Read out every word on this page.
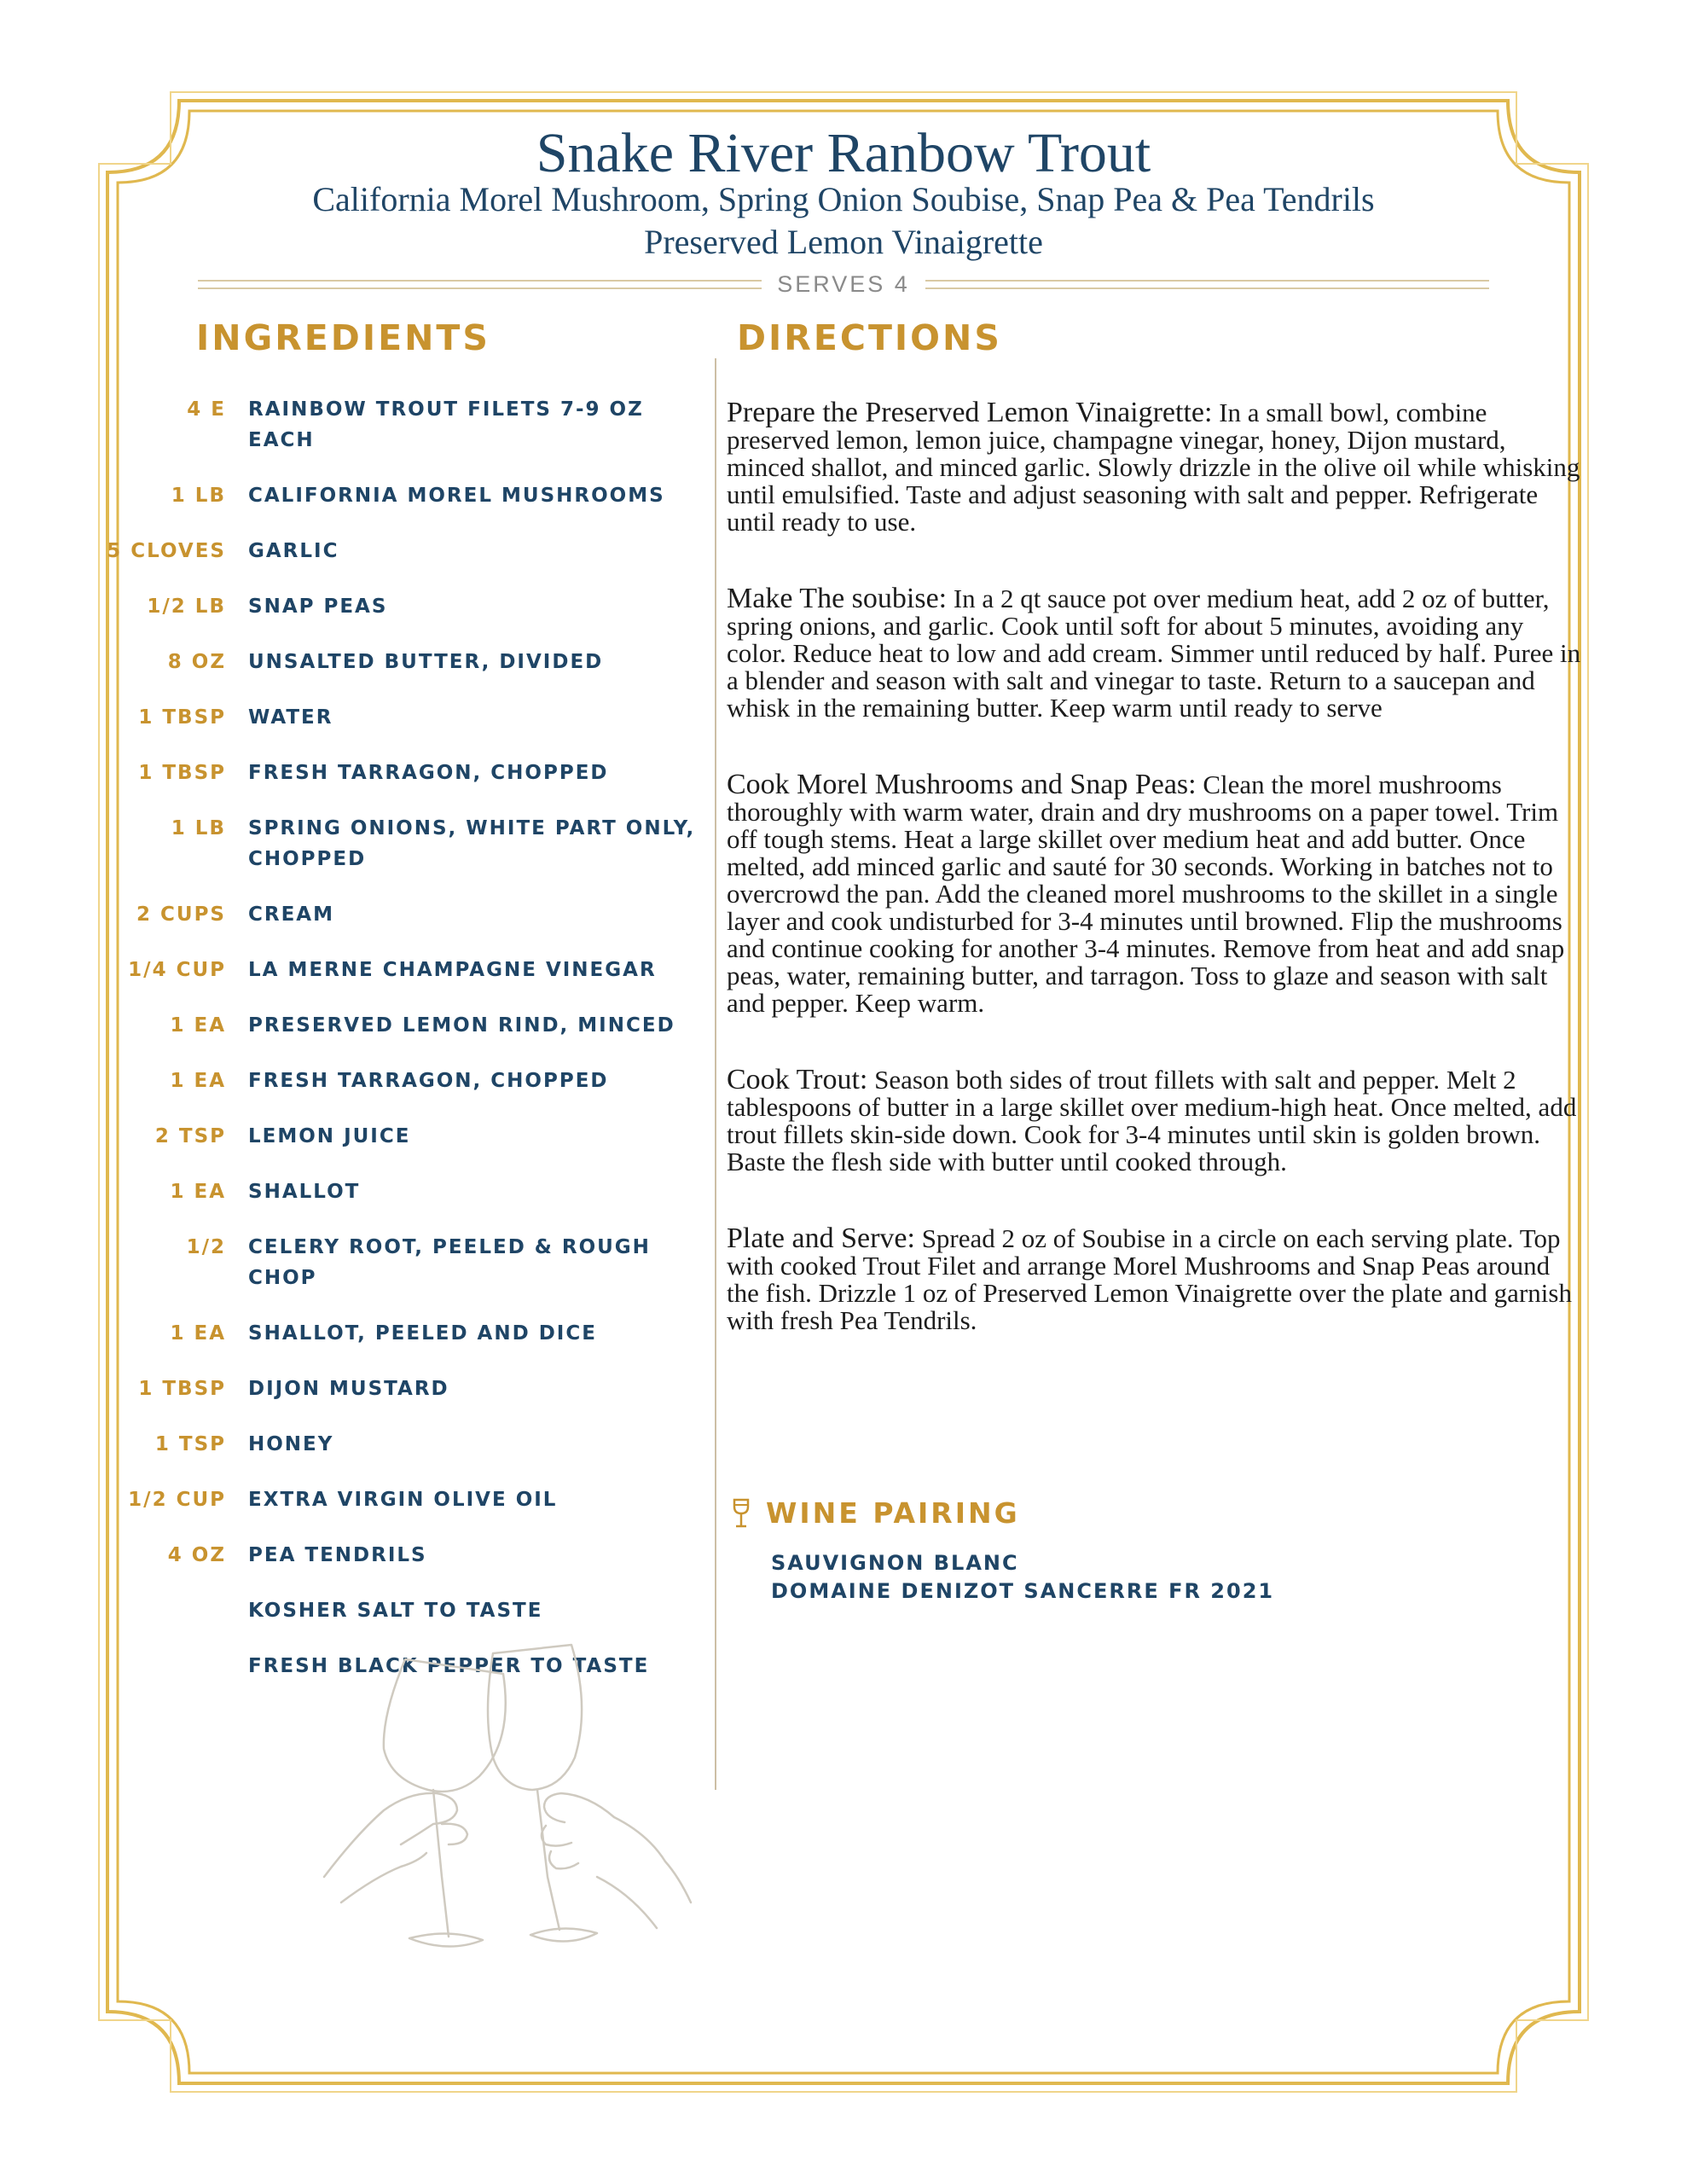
Snake River Ranbow Trout
California Morel Mushroom, Spring Onion Soubise, Snap Pea & Pea Tendrils
Preserved Lemon Vinaigrette
SERVES 4
INGREDIENTS	DIRECTIONS
4 E RAINBOW TROUT FILETS 7-9 OZ EACH
1 LB CALIFORNIA MOREL MUSHROOMS
5 CLOVES GARLIC
1/2 LB SNAP PEAS
8 OZ UNSALTED BUTTER, DIVIDED
1 TBSP WATER
1 TBSP FRESH TARRAGON, CHOPPED
1 LB SPRING ONIONS, WHITE PART ONLY, CHOPPED
2 CUPS CREAM
1/4 CUP LA MERNE CHAMPAGNE VINEGAR
1 EA PRESERVED LEMON RIND, MINCED
1 EA FRESH TARRAGON, CHOPPED
2 TSP LEMON JUICE
1 EA SHALLOT
1/2 CELERY ROOT, PEELED & ROUGH CHOP
1 EA SHALLOT, PEELED AND DICE
1 TBSP DIJON MUSTARD
1 TSP HONEY
1/2 CUP EXTRA VIRGIN OLIVE OIL
4 OZ PEA TENDRILS
KOSHER SALT TO TASTE
FRESH BLACK PEPPER TO TASTE
Prepare the Preserved Lemon Vinaigrette: In a small bowl, combine preserved lemon, lemon juice, champagne vinegar, honey, Dijon mustard, minced shallot, and minced garlic. Slowly drizzle in the olive oil while whisking until emulsified. Taste and adjust seasoning with salt and pepper. Refrigerate until ready to use.
Make The soubise: In a 2 qt sauce pot over medium heat, add 2 oz of butter, spring onions, and garlic. Cook until soft for about 5 minutes, avoiding any color. Reduce heat to low and add cream. Simmer until reduced by half. Puree in a blender and season with salt and vinegar to taste. Return to a saucepan and whisk in the remaining butter. Keep warm until ready to serve
Cook Morel Mushrooms and Snap Peas: Clean the morel mushrooms thoroughly with warm water, drain and dry mushrooms on a paper towel. Trim off tough stems. Heat a large skillet over medium heat and add butter. Once melted, add minced garlic and sauté for 30 seconds. Working in batches not to overcrowd the pan. Add the cleaned morel mushrooms to the skillet in a single layer and cook undisturbed for 3-4 minutes until browned. Flip the mushrooms and continue cooking for another 3-4 minutes. Remove from heat and add snap peas, water, remaining butter, and tarragon. Toss to glaze and season with salt and pepper. Keep warm.
Cook Trout: Season both sides of trout fillets with salt and pepper. Melt 2 tablespoons of butter in a large skillet over medium-high heat. Once melted, add trout fillets skin-side down. Cook for 3-4 minutes until skin is golden brown. Baste the flesh side with butter until cooked through.
Plate and Serve: Spread 2 oz of Soubise in a circle on each serving plate. Top with cooked Trout Filet and arrange Morel Mushrooms and Snap Peas around the fish. Drizzle 1 oz of Preserved Lemon Vinaigrette over the plate and garnish with fresh Pea Tendrils.
WINE PAIRING
SAUVIGNON BLANC
DOMAINE DENIZOT SANCERRE FR 2021
